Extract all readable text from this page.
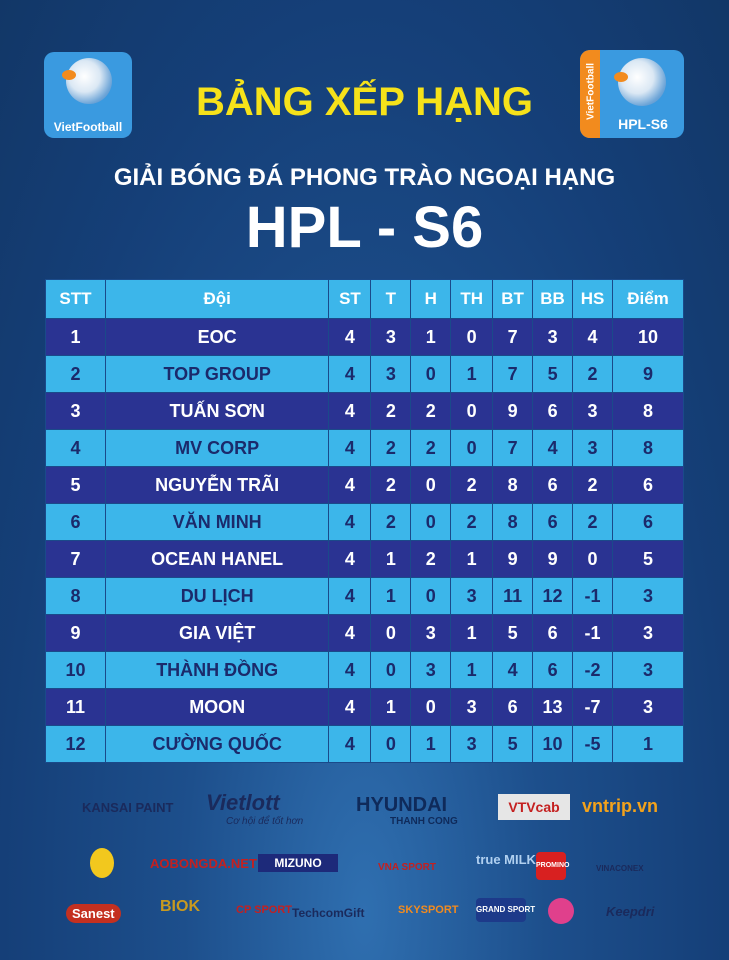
VietFootball
VietFootball
HPL-S6
BẢNG XẾP HẠNG
GIẢI BÓNG ĐÁ PHONG TRÀO NGOẠI HẠNG
HPL - S6
STT	Đội	ST	T	H	TH	BT	BB	HS	Điểm
1	EOC	4	3	1	0	7	3	4	10
2	TOP GROUP	4	3	0	1	7	5	2	9
3	TUẤN SƠN	4	2	2	0	9	6	3	8
4	MV CORP	4	2	2	0	7	4	3	8
5	NGUYỄN TRÃI	4	2	0	2	8	6	2	6
6	VĂN MINH	4	2	0	2	8	6	2	6
7	OCEAN HANEL	4	1	2	1	9	9	0	5
8	DU LỊCH	4	1	0	3	11	12	-1	3
9	GIA VIỆT	4	0	3	1	5	6	-1	3
10	THÀNH ĐỒNG	4	0	3	1	4	6	-2	3
11	MOON	4	1	0	3	6	13	-7	3
12	CƯỜNG QUỐC	4	0	1	3	5	10	-5	1
KANSAI PAINT Vietlott
Cơ hội để tốt hơn
HYUNDAI
THANH CONG
VTVcab	vntrip.vn
AOBONGDA.NET	MIZUNO	VNA SPORT
true MILK PROMINO	VINACONEX
Sanest	BIOK	CP SPORT TechcomGift	SKYSPORT GRAND SPORT	Keepdri
